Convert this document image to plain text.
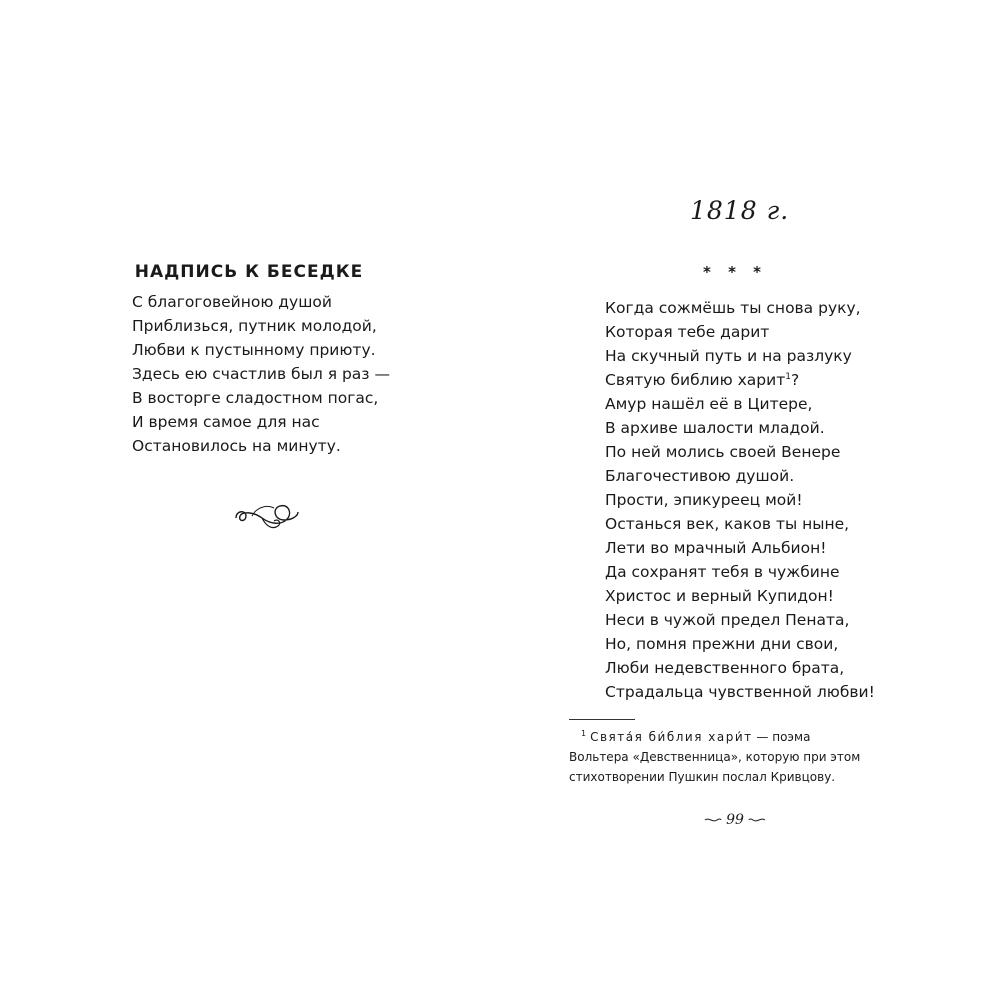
НАДПИСЬ К БЕСЕДКЕ
С благоговейною душой
Приблизься, путник молодой,
Любви к пустынному приюту.
Здесь ею счастлив был я раз —
В восторге сладостном погас,
И время самое для нас
Остановилось на минуту.
1818 г.
* * *
Когда сожмёшь ты снова руку,
Которая тебе дарит
На скучный путь и на разлуку
Святую библию харит$^1$?
Амур нашёл её в Цитере,
В архиве шалости младой.
По ней молись своей Венере
Благочестивою душой.
Прости, эпикуреец мой!
Останься век, каков ты ныне,
Лети во мрачный Альбион!
Да сохранят тебя в чужбине
Христос и верный Купидон!
Неси в чужой предел Пената,
Но, помня прежни дни свои,
Люби недевственного брата,
Страдальца чувственной любви!
$^1$ Свята́я би́блия хари́т — поэма Вольтера «Девственница», которую при этом стихотворении Пушкин послал Кривцову.
99
